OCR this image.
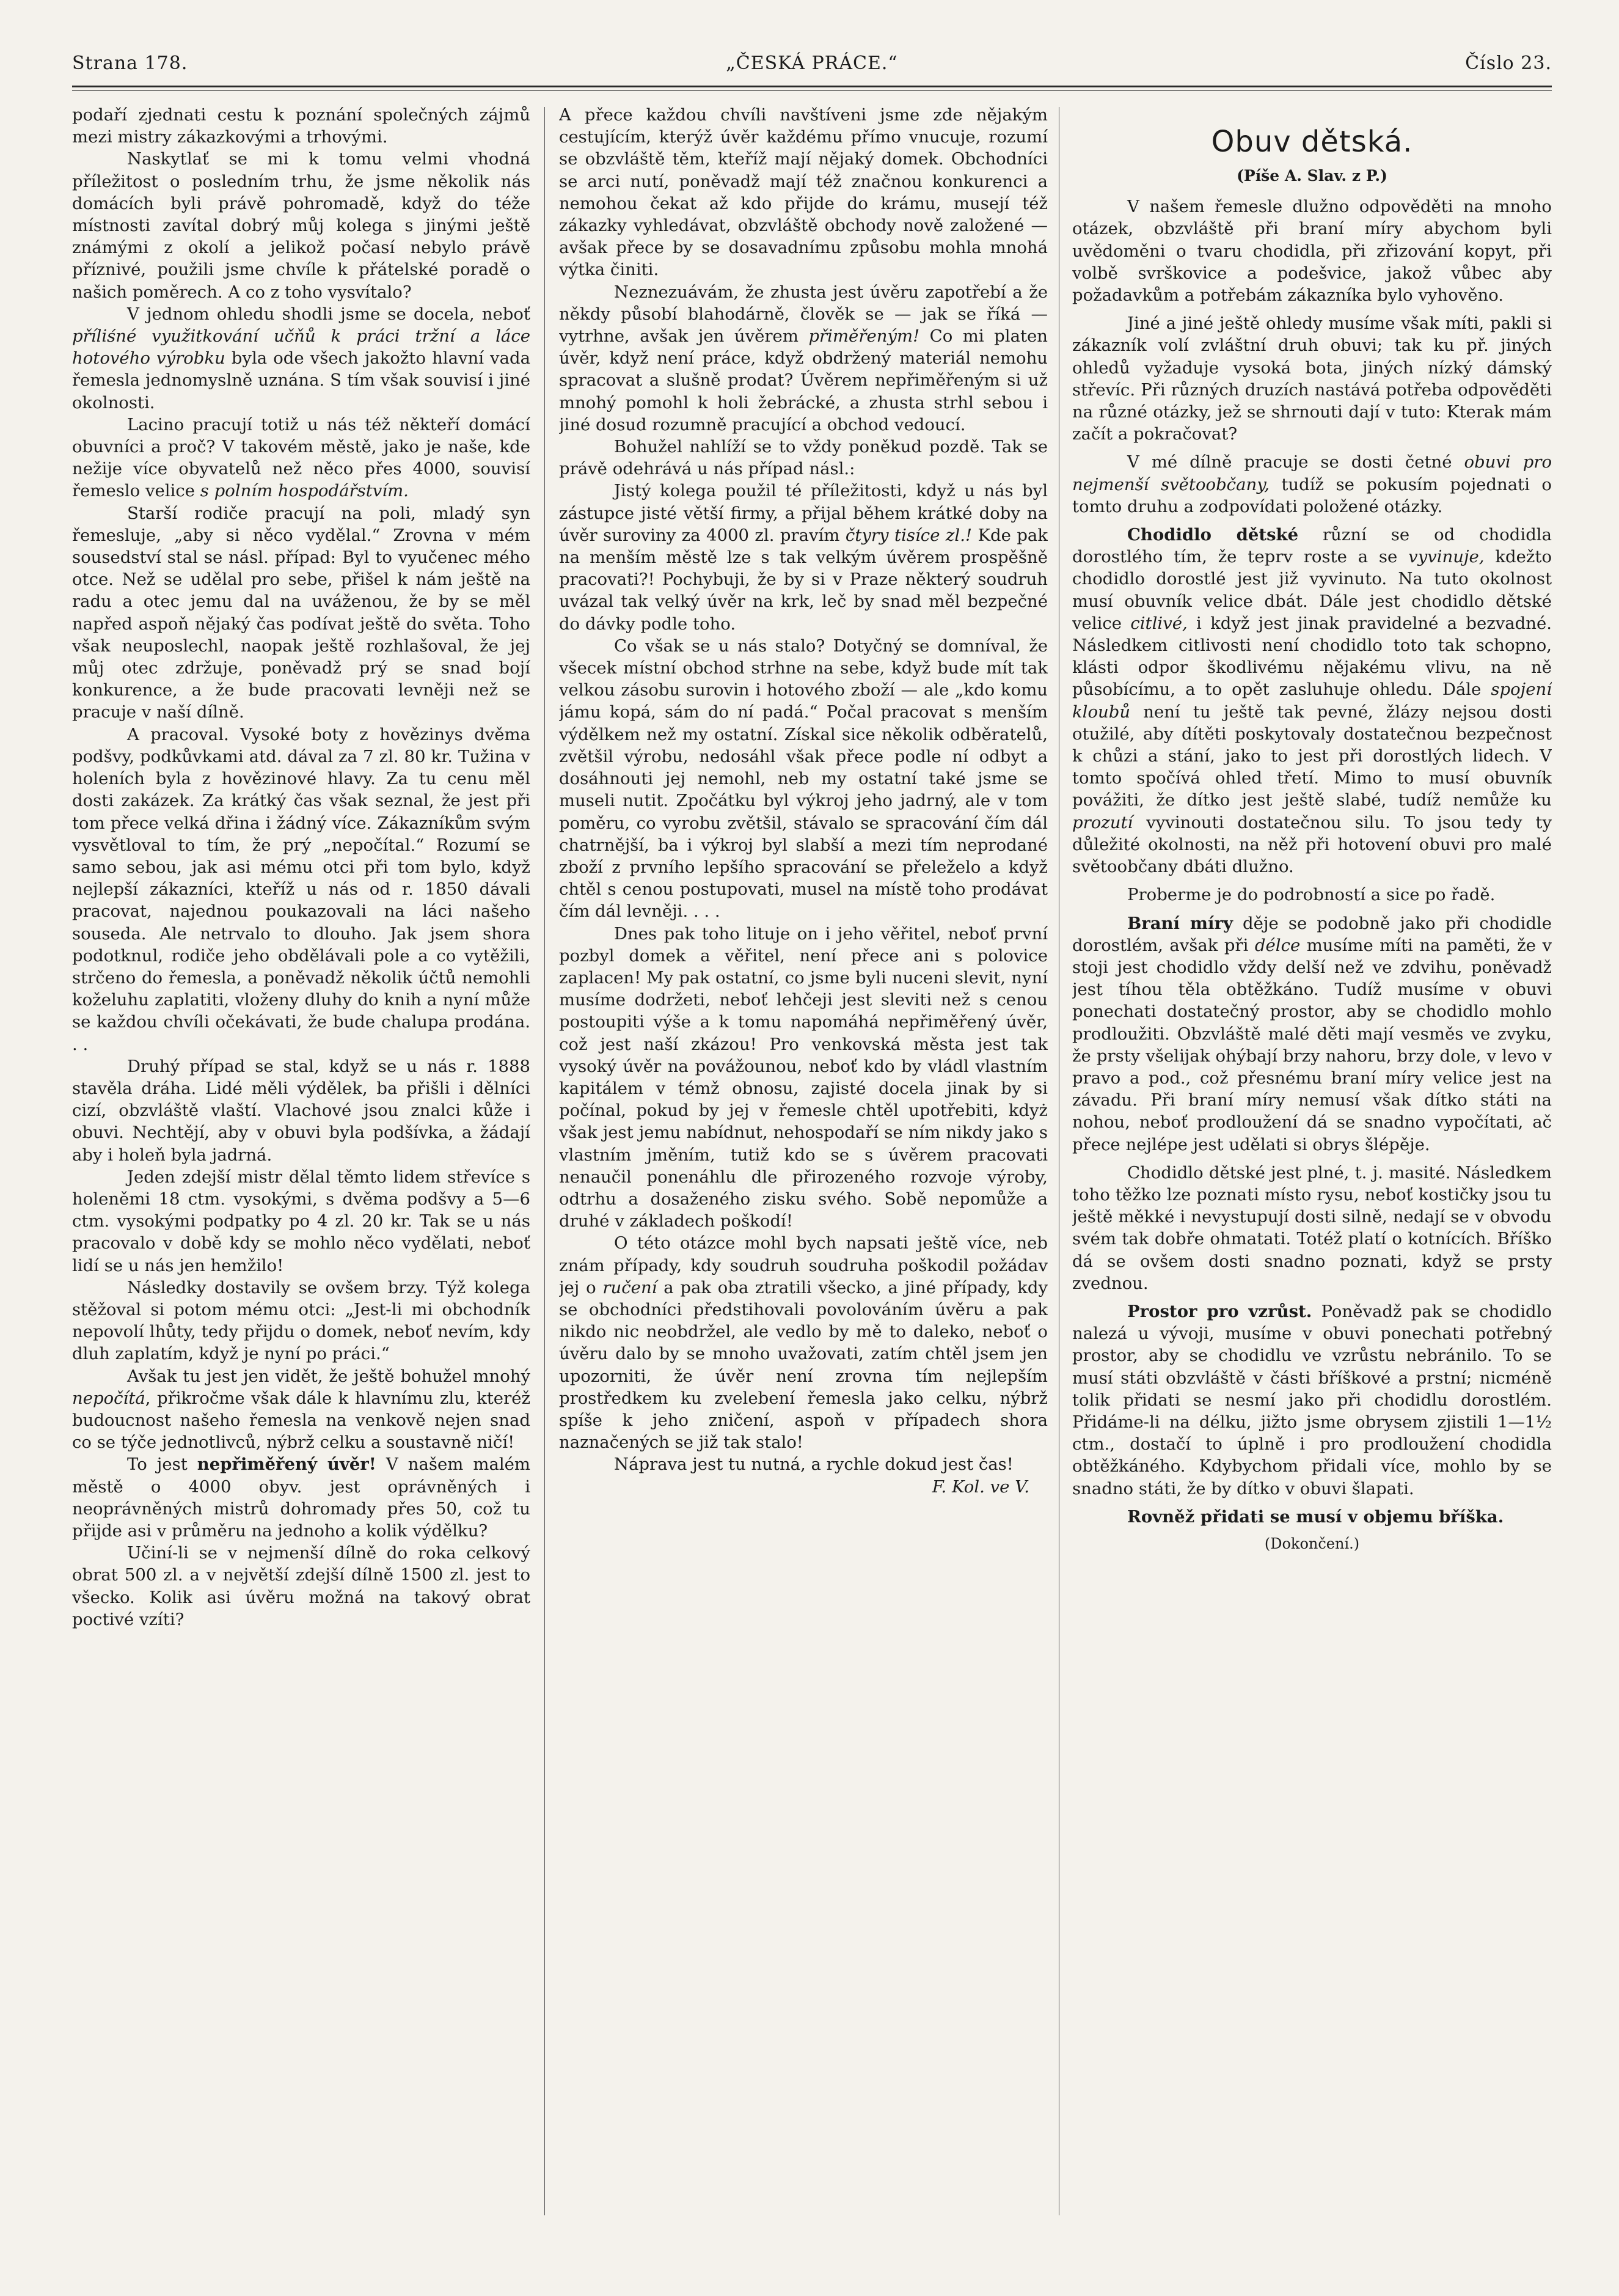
Strana 178.	„ČESKÁ PRÁCE.“	Číslo 23.

podaří zjednati cestu k poznání společných zájmů mezi mistry zákazkovými a trhovými.

Naskytlať se mi k tomu velmi vhodná příležitost o posledním trhu, že jsme několik nás domácích byli právě pohromadě, když do téže místnosti zavítal dobrý můj kolega s jinými ještě známými z okolí a jelikož počasí nebylo právě příznivé, použili jsme chvíle k přátelské poradě o našich poměrech. A co z toho vysvítalo?

V jednom ohledu shodli jsme se docela, neboť příliśné využitkování učňů k práci tržní a láce hotového výrobku byla ode všech jakožto hlavní vada řemesla jednomyslně uznána. S tím však souvisí i jiné okolnosti.

Lacino pracují totiž u nás též někteří domácí obuvníci a proč? V takovém městě, jako je naše, kde nežije více obyvatelů než něco přes 4000, souvisí řemeslo velice s polním hospodářstvím.

Starší rodiče pracují na poli, mladý syn řemesluje, „aby si něco vydělal.“ Zrovna v mém sousedství stal se násl. případ: Byl to vyučenec mého otce. Než se udělal pro sebe, přišel k nám ještě na radu a otec jemu dal na uváženou, že by se měl napřed aspoň nějaký čas podívat ještě do světa. Toho však neuposlechl, naopak ještě rozhlašoval, že jej můj otec zdržuje, poněvadž prý se snad bojí konkurence, a že bude pracovati levněji než se pracuje v naší dílně.

A pracoval. Vysoké boty z hovězinys dvěma podšvy, podkůvkami atd. dával za 7 zl. 80 kr. Tužina v holeních byla z hovězinové hlavy. Za tu cenu měl dosti zakázek. Za krátký čas však seznal, že jest při tom přece velká dřina i žádný více. Zákazníkům svým vysvětloval to tím, že prý „nepočítal.“ Rozumí se samo sebou, jak asi mému otci při tom bylo, když nejlepší zákazníci, kteříž u nás od r. 1850 dávali pracovat, najednou poukazovali na láci našeho souseda. Ale netrvalo to dlouho. Jak jsem shora podotknul, rodiče jeho obdělávali pole a co vytěžili, strčeno do řemesla, a poněvadž několik účtů nemohli koželuhu zaplatiti, vloženy dluhy do knih a nyní může se každou chvíli očekávati, že bude chalupa prodána. . .

Druhý případ se stal, když se u nás r. 1888 stavěla dráha. Lidé měli výdělek, ba přišli i dělníci cizí, obzvláště vlaští. Vlachové jsou znalci kůže i obuvi. Nechtějí, aby v obuvi byla podšívka, a žádají aby i holeň byla jadrná.

Jeden zdejší mistr dělal těmto lidem střevíce s holeněmi 18 ctm. vysokými, s dvěma podšvy a 5—6 ctm. vysokými podpatky po 4 zl. 20 kr. Tak se u nás pracovalo v době kdy se mohlo něco vydělati, neboť lidí se u nás jen hemžilo!

Následky dostavily se ovšem brzy. Týž kolega stěžoval si potom mému otci: „Jest-li mi obchodník nepovolí lhůty, tedy přijdu o domek, neboť nevím, kdy dluh zaplatím, když je nyní po práci.“

Avšak tu jest jen vidět, že ještě bohužel mnohý nepočítá, přikročme však dále k hlavnímu zlu, kteréž budoucnost našeho řemesla na venkově nejen snad co se týče jednotlivců, nýbrž celku a soustavně ničí!

To jest nepřiměřený úvěr! V našem malém městě o 4000 obyv. jest oprávněných i neoprávněných mistrů dohromady přes 50, což tu přijde asi v průměru na jednoho a kolik výdělku?

Učiní-li se v nejmenší dílně do roka celkový obrat 500 zl. a v největší zdejší dílně 1500 zl. jest to všecko. Kolik asi úvěru možná na takový obrat poctivé vzíti?

A přece každou chvíli navštíveni jsme zde nějakým cestujícím, kterýž úvěr každému přímo vnucuje, rozumí se obzvláště těm, kteříž mají nějaký domek. Obchodníci se arci nutí, poněvadž mají též značnou konkurenci a nemohou čekat až kdo přijde do krámu, musejí též zákazky vyhledávat, obzvláště obchody nově založené — avšak přece by se dosavadnímu způsobu mohla mnohá výtka činiti.

Neznezuávám, že zhusta jest úvěru zapotřebí a že někdy působí blahodárně, člověk se — jak se říká — vytrhne, avšak jen úvěrem přiměřeným! Co mi platen úvěr, když není práce, když obdržený materiál nemohu spracovat a slušně prodat? Úvěrem nepřiměřeným si už mnohý pomohl k holi žebrácké, a zhusta strhl sebou i jiné dosud rozumně pracující a obchod vedoucí.

Bohužel nahlíží se to vždy poněkud pozdě. Tak se právě odehrává u nás případ násl.:

Jistý kolega použil té příležitosti, když u nás byl zástupce jisté větší firmy, a přijal během krátké doby na úvěr suroviny za 4000 zl. pravím čtyry tisíce zl.! Kde pak na menším městě lze s tak velkým úvěrem prospěšně pracovati?! Pochybuji, že by si v Praze některý soudruh uvázal tak velký úvěr na krk, leč by snad měl bezpečné do dávky podle toho.

Co však se u nás stalo? Dotyčný se domníval, že všecek místní obchod strhne na sebe, když bude mít tak velkou zásobu surovin i hotového zboží — ale „kdo komu jámu kopá, sám do ní padá.“ Počal pracovat s menším výdělkem než my ostatní. Získal sice několik odběratelů, zvětšil výrobu, nedosáhl však přece podle ní odbyt a dosáhnouti jej nemohl, neb my ostatní také jsme se museli nutit. Zpočátku byl výkroj jeho jadrný, ale v tom poměru, co vyrobu zvětšil, stávalo se spracování čím dál chatrnější, ba i výkroj byl slabší a mezi tím neprodané zboží z prvního lepšího spracování se přeleželo a když chtěl s cenou postupovati, musel na místě toho prodávat čím dál levněji. . . .

Dnes pak toho lituje on i jeho věřitel, neboť první pozbyl domek a věřitel, není přece ani s polovice zaplacen! My pak ostatní, co jsme byli nuceni slevit, nyní musíme dodržeti, neboť lehčeji jest sleviti než s cenou postoupiti výše a k tomu napomáhá nepřiměřený úvěr, což jest naší zkázou! Pro venkovská města jest tak vysoký úvěr na povážounou, neboť kdo by vládl vlastním kapitálem v témž obnosu, zajisté docela jinak by si počínal, pokud by jej v řemesle chtěl upotřebiti, kdyż však jest jemu nabídnut, nehospodaří se ním nikdy jako s vlastním jměním, tutiž kdo se s úvěrem pracovati nenaučil ponenáhlu dle přirozeného rozvoje výroby, odtrhu a dosaženého zisku svého. Sobě nepomůže a druhé v základech poškodí!

O této otázce mohl bych napsati ještě více, neb znám případy, kdy soudruh soudruha poškodil požádav jej o ručení a pak oba ztratili všecko, a jiné případy, kdy se obchodníci předstihovali povolováním úvěru a pak nikdo nic neobdržel, ale vedlo by mě to daleko, neboť o úvěru dalo by se mnoho uvažovati, zatím chtěl jsem jen upozorniti, že úvěr není zrovna tím nejlepším prostředkem ku zvelebení řemesla jako celku, nýbrž spíše k jeho zničení, aspoň v případech shora naznačených se již tak stalo!

Náprava jest tu nutná, a rychle dokud jest čas!

F. Kol. ve V.

Obuv dětská.
(Píše A. Slav. z P.)

V našem řemesle dlužno odpověděti na mnoho otázek, obzvláště při braní míry abychom byli uvědoměni o tvaru chodidla, při zřizování kopyt, při volbě svrškovice a podešvice, jakož vůbec aby požadavkům a potřebám zákazníka bylo vyhověno.

Jiné a jiné ještě ohledy musíme však míti, pakli si zákazník volí zvláštní druh obuvi; tak ku př. jiných ohledů vyžaduje vysoká bota, jiných nízký dámský střevíc. Při různých druzích nastává potřeba odpověděti na různé otázky, jež se shrnouti dají v tuto: Kterak mám začít a pokračovat?

V mé dílně pracuje se dosti četné obuvi pro nejmenší světoobčany, tudíž se pokusím pojednati o tomto druhu a zodpovídati položené otázky.

Chodidlo dětské různí se od chodidla dorostlého tím, že teprv roste a se vyvinuje, kdežto chodidlo dorostlé jest již vyvinuto. Na tuto okolnost musí obuvník velice dbát. Dále jest chodidlo dětské velice citlivé, i když jest jinak pravidelné a bezvadné. Následkem citlivosti není chodidlo toto tak schopno, klásti odpor škodlivému nějakému vlivu, na ně působícímu, a to opět zasluhuje ohledu. Dále spojení kloubů není tu ještě tak pevné, žlázy nejsou dosti otužilé, aby dítěti poskytovaly dostatečnou bezpečnost k chůzi a stání, jako to jest při dorostlých lidech. V tomto spočívá ohled třetí. Mimo to musí obuvník povážiti, že dítko jest ještě slabé, tudíž nemůže ku prozutí vyvinouti dostatečnou silu. To jsou tedy ty důležité okolnosti, na něž při hotovení obuvi pro malé světoobčany dbáti dlužno.

Proberme je do podrobností a sice po řadě.

Braní míry děje se podobně jako při chodidle dorostlém, avšak při délce musíme míti na paměti, že v stoji jest chodidlo vždy delší než ve zdvihu, poněvadž jest tíhou těla obtěžkáno. Tudíž musíme v obuvi ponechati dostatečný prostor, aby se chodidlo mohlo prodloužiti. Obzvláště malé děti mají vesměs ve zvyku, že prsty všelijak ohýbají brzy nahoru, brzy dole, v levo v pravo a pod., což přesnému braní míry velice jest na závadu. Při braní míry nemusí však dítko státi na nohou, neboť prodloužení dá se snadno vypočítati, ač přece nejlépe jest udělati si obrys šlépěje.

Chodidlo dětské jest plné, t. j. masité. Následkem toho těžko lze poznati místo rysu, neboť kostičky jsou tu ještě měkké i nevystupují dosti silně, nedají se v obvodu svém tak dobře ohmatati. Totéž platí o kotnících. Bříško dá se ovšem dosti snadno poznati, když se prsty zvednou.

Prostor pro vzrůst. Poněvadž pak se chodidlo nalezá u vývoji, musíme v obuvi ponechati potřebný prostor, aby se chodidlu ve vzrůstu nebránilo. To se musí státi obzvláště v části bříškové a prstní; nicméně tolik přidati se nesmí jako při chodidlu dorostlém. Přidáme-li na délku, jižto jsme obrysem zjistili 1—1½ ctm., dostačí to úplně i pro prodloužení chodidla obtěžkáného. Kdybychom přidali více, mohlo by se snadno státi, že by dítko v obuvi šlapati.

Rovněž přidati se musí v objemu bříška.

(Dokončení.)
